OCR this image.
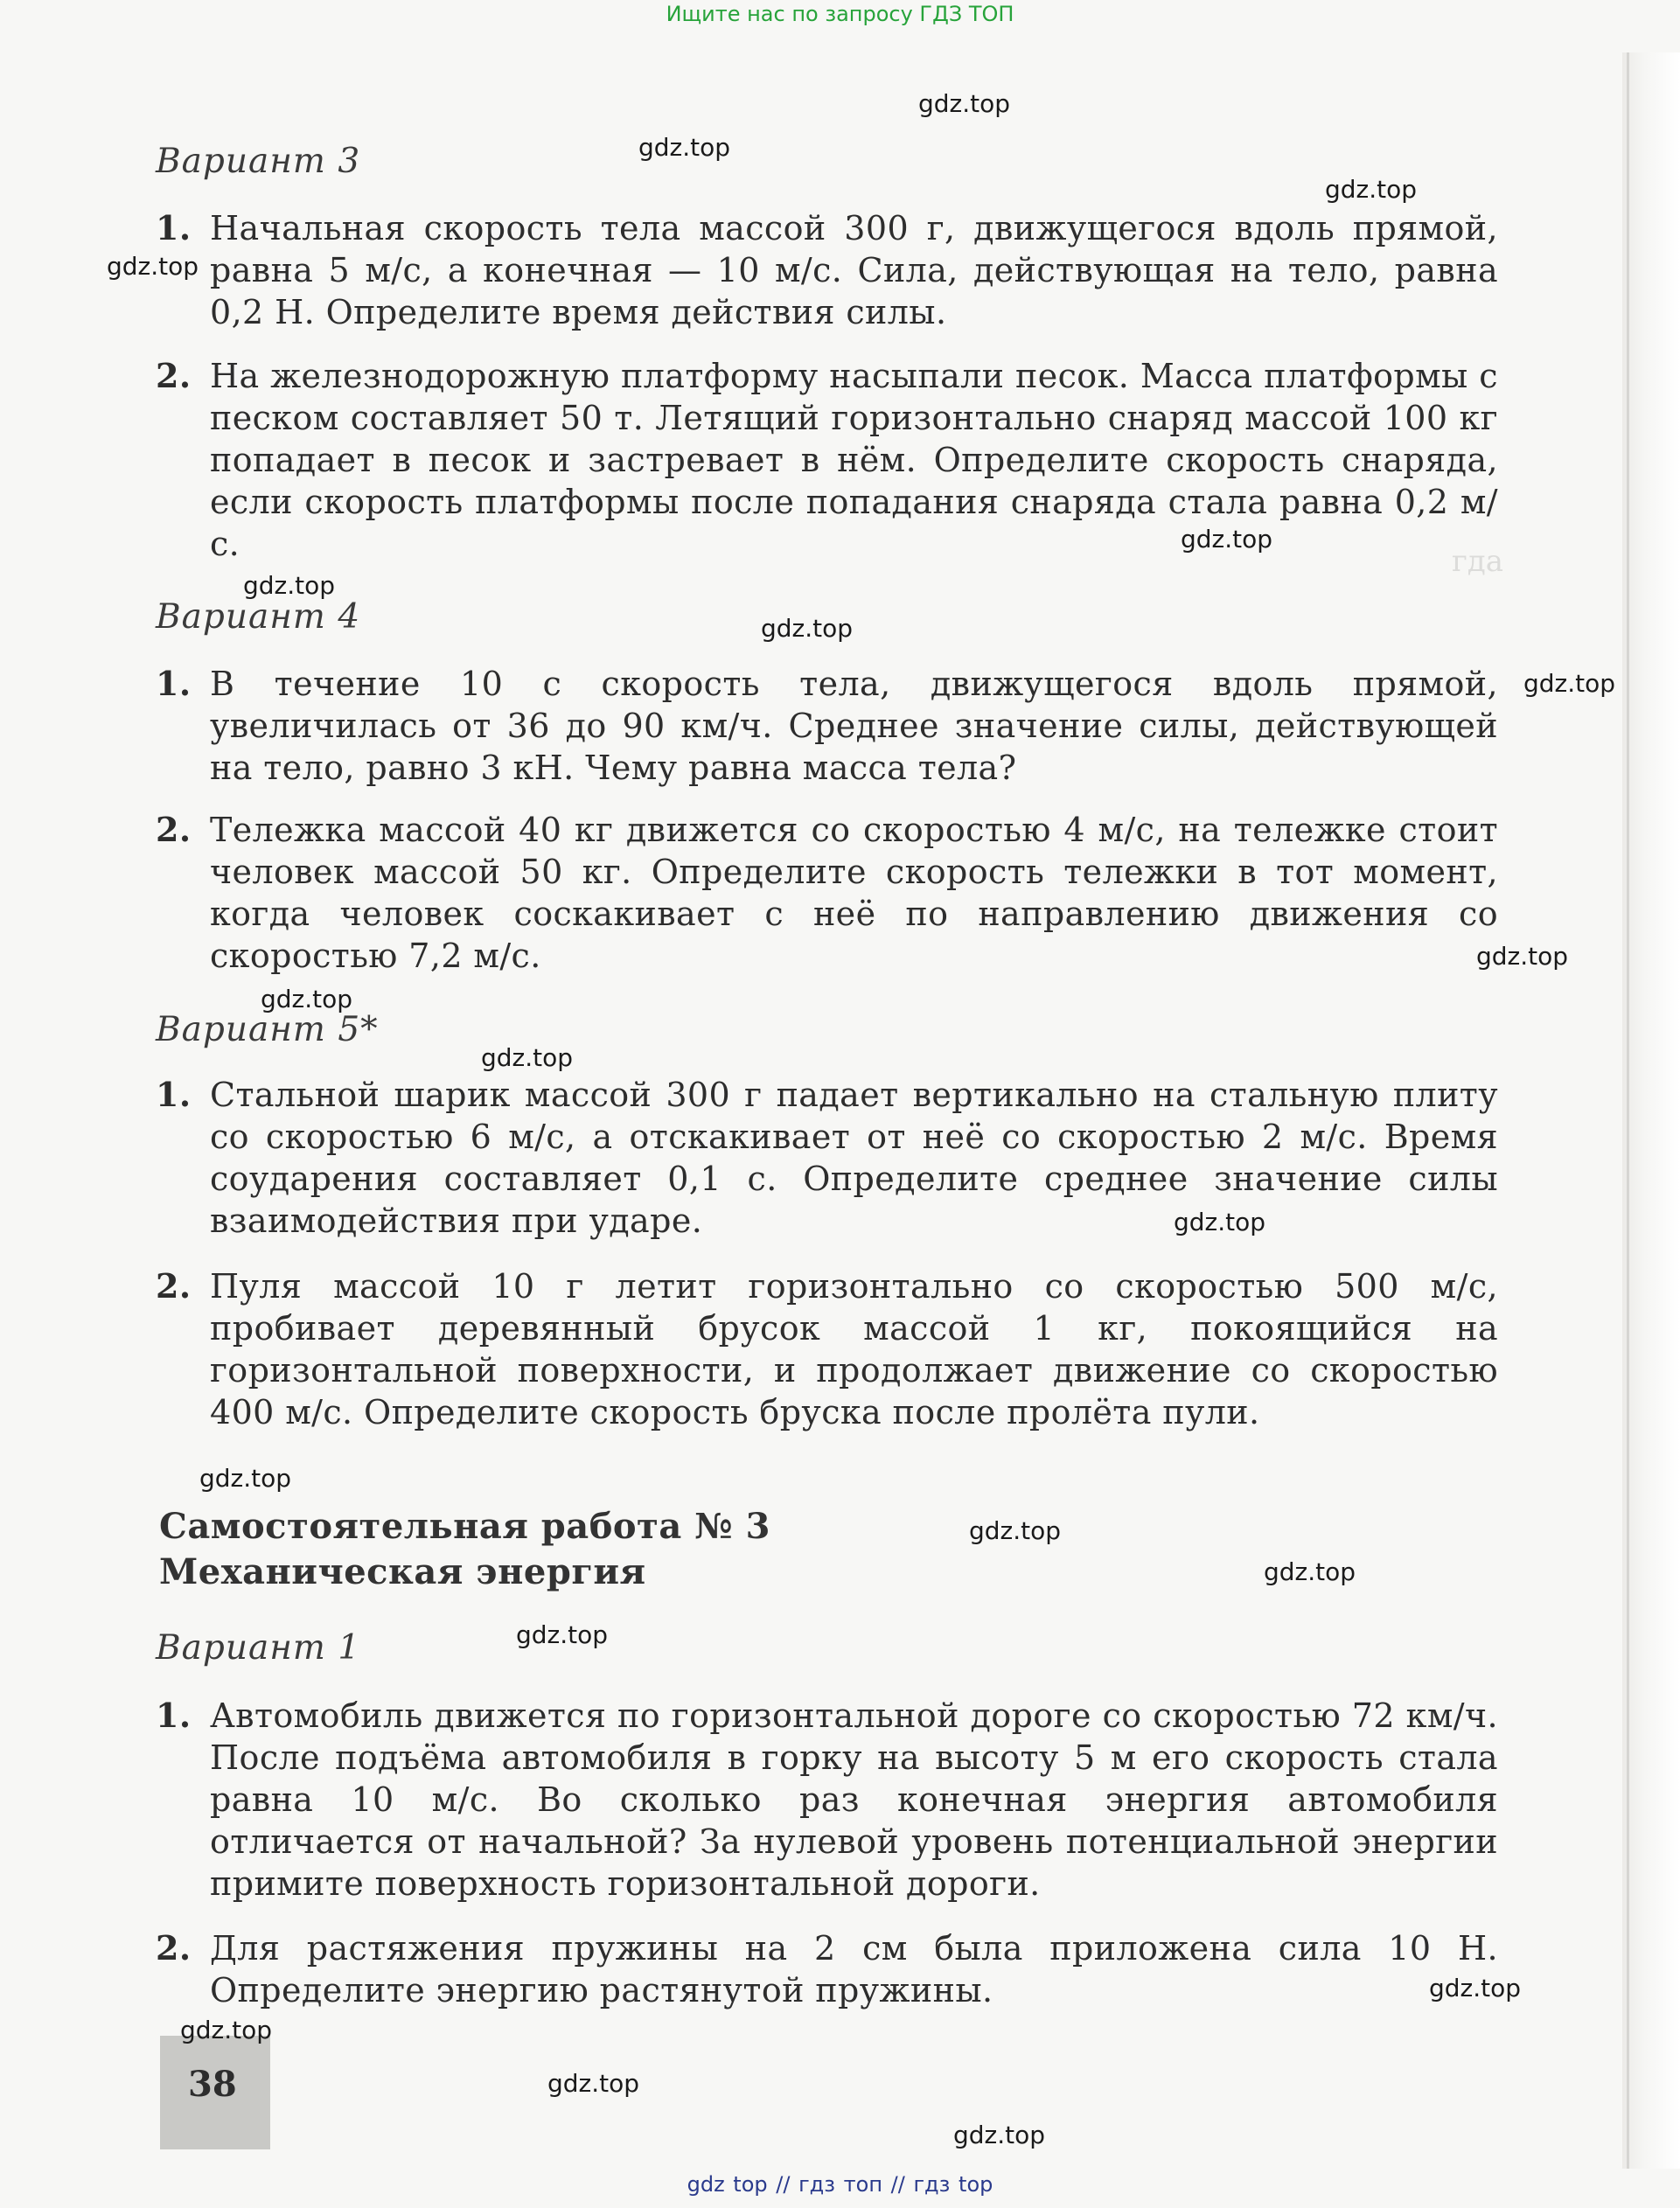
гда
Ищите нас по запросу ГДЗ ТОП
Вариант 3
1. Начальная скорость тела массой 300 г, движущегося вдоль прямой, равна 5 м/с, а конечная — 10 м/с. Сила, действующая на тело, равна 0,2 Н. Определите время действия силы.
2. На железнодорожную платформу насыпали песок. Масса платформы с песком составляет 50 т. Летящий горизонтально снаряд массой 100 кг попадает в песок и застревает в нём. Определите скорость снаряда, если скорость платформы после попадания снаряда стала равна 0,2 м/с.
Вариант 4
1. В течение 10 с скорость тела, движущегося вдоль прямой, увеличилась от 36 до 90 км/ч. Среднее значение силы, действующей на тело, равно 3 кН. Чему равна масса тела?
2. Тележка массой 40 кг движется со скоростью 4 м/с, на тележке стоит человек массой 50 кг. Определите скорость тележки в тот момент, когда человек соскакивает с неё по направлению движения со скоростью 7,2 м/с.
Вариант 5*
1. Стальной шарик массой 300 г падает вертикально на стальную плиту со скоростью 6 м/с, а отскакивает от неё со скоростью 2 м/с. Время соударения составляет 0,1 с. Определите среднее значение силы взаимодействия при ударе.
2. Пуля массой 10 г летит горизонтально со скоростью 500 м/с, пробивает деревянный брусок массой 1 кг, покоящийся на горизонтальной поверхности, и продолжает движение со скоростью 400 м/с. Определите скорость бруска после пролёта пули.
Самостоятельная работа № 3
Механическая энергия
Вариант 1
1. Автомобиль движется по горизонтальной дороге со скоростью 72 км/ч. После подъёма автомобиля в горку на высоту 5 м его скорость стала равна 10 м/с. Во сколько раз конечная энергия автомобиля отличается от начальной? За нулевой уровень потенциальной энергии примите поверхность горизонтальной дороги.
2. Для растяжения пружины на 2 см была приложена сила 10 Н. Определите энергию растянутой пружины.
38
gdz.top
gdz.top
gdz.top
gdz.top
gdz.top
gdz.top
gdz.top
gdz.top
gdz.top
gdz.top
gdz.top
gdz.top
gdz.top
gdz.top
gdz.top
gdz.top
gdz.top
gdz.top
gdz.top
gdz.top
gdz top // гдз топ // гдз top
